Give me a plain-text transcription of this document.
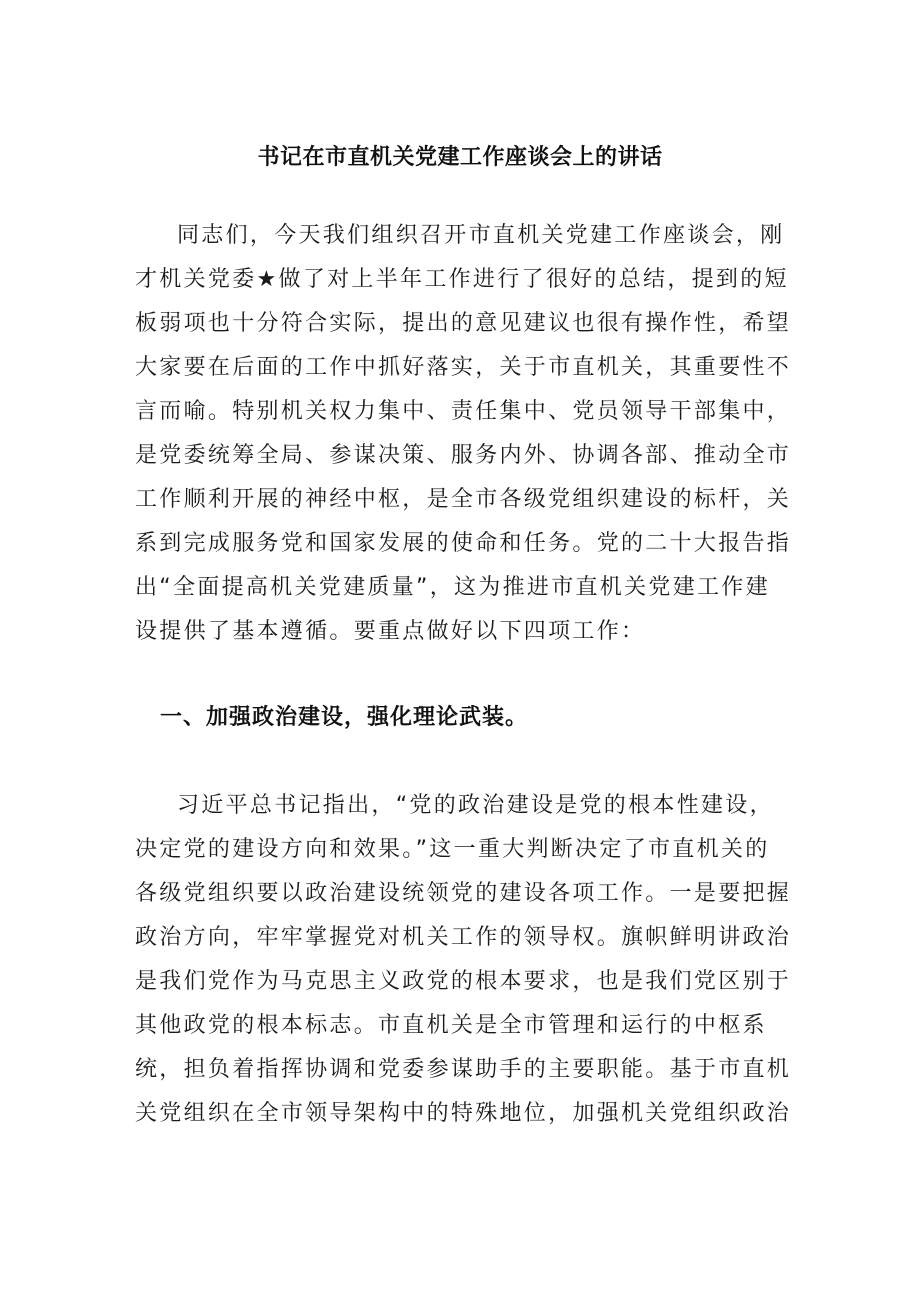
书记在市直机关党建工作座谈会上的讲话
同志们，今天我们组织召开市直机关党建工作座谈会，刚
才机关党委★做了对上半年工作进行了很好的总结，提到的短
板弱项也十分符合实际，提出的意见建议也很有操作性，希望
大家要在后面的工作中抓好落实，关于市直机关，其重要性不
言而喻。特别机关权力集中、责任集中、党员领导干部集中，
是党委统筹全局、参谋决策、服务内外、协调各部、推动全市
工作顺利开展的神经中枢，是全市各级党组织建设的标杆，关
系到完成服务党和国家发展的使命和任务。党的二十大报告指
出“全面提高机关党建质量”，这为推进市直机关党建工作建
设提供了基本遵循。要重点做好以下四项工作：
一、加强政治建设，强化理论武装。
习近平总书记指出，“党的政治建设是党的根本性建设，
决定党的建设方向和效果。”这一重大判断决定了市直机关的
各级党组织要以政治建设统领党的建设各项工作。一是要把握
政治方向，牢牢掌握党对机关工作的领导权。旗帜鲜明讲政治
是我们党作为马克思主义政党的根本要求，也是我们党区别于
其他政党的根本标志。市直机关是全市管理和运行的中枢系
统，担负着指挥协调和党委参谋助手的主要职能。基于市直机
关党组织在全市领导架构中的特殊地位，加强机关党组织政治
